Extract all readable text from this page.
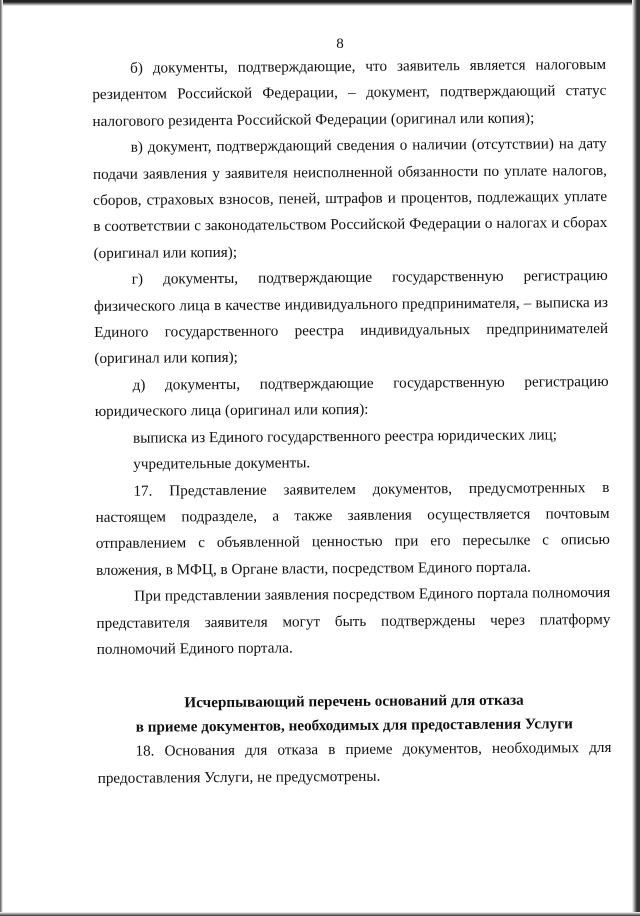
8

б) документы, подтверждающие, что заявитель является налоговым резидентом Российской Федерации, – документ, подтверждающий статус налогового резидента Российской Федерации (оригинал или копия);

в) документ, подтверждающий сведения о наличии (отсутствии) на дату подачи заявления у заявителя неисполненной обязанности по уплате налогов, сборов, страховых взносов, пеней, штрафов и процентов, подлежащих уплате в соответствии с законодательством Российской Федерации о налогах и сборах (оригинал или копия);

г) документы, подтверждающие государственную регистрацию физического лица в качестве индивидуального предпринимателя, – выписка из Единого государственного реестра индивидуальных предпринимателей (оригинал или копия);

д) документы, подтверждающие государственную регистрацию юридического лица (оригинал или копия):

выписка из Единого государственного реестра юридических лиц;

учредительные документы.

17. Представление заявителем документов, предусмотренных в настоящем подразделе, а также заявления осуществляется почтовым отправлением с объявленной ценностью при его пересылке с описью вложения, в МФЦ, в Органе власти, посредством Единого портала.

При представлении заявления посредством Единого портала полномочия представителя заявителя могут быть подтверждены через платформу полномочий Единого портала.

Исчерпывающий перечень оснований для отказа

в приеме документов, необходимых для предоставления Услуги

18. Основания для отказа в приеме документов, необходимых для предоставления Услуги, не предусмотрены.
